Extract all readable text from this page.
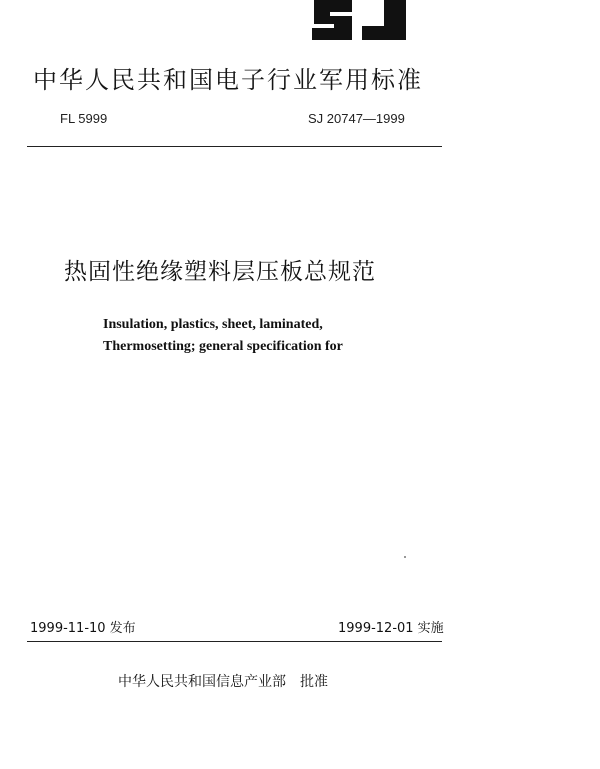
中华人民共和国电子行业军用标准
FL 5999	SJ 20747—1999
热固性绝缘塑料层压板总规范
Insulation, plastics, sheet, laminated,
Thermosetting; general specification for
1999-11-10 发布	1999-12-01 实施
中华人民共和国信息产业部　批准
